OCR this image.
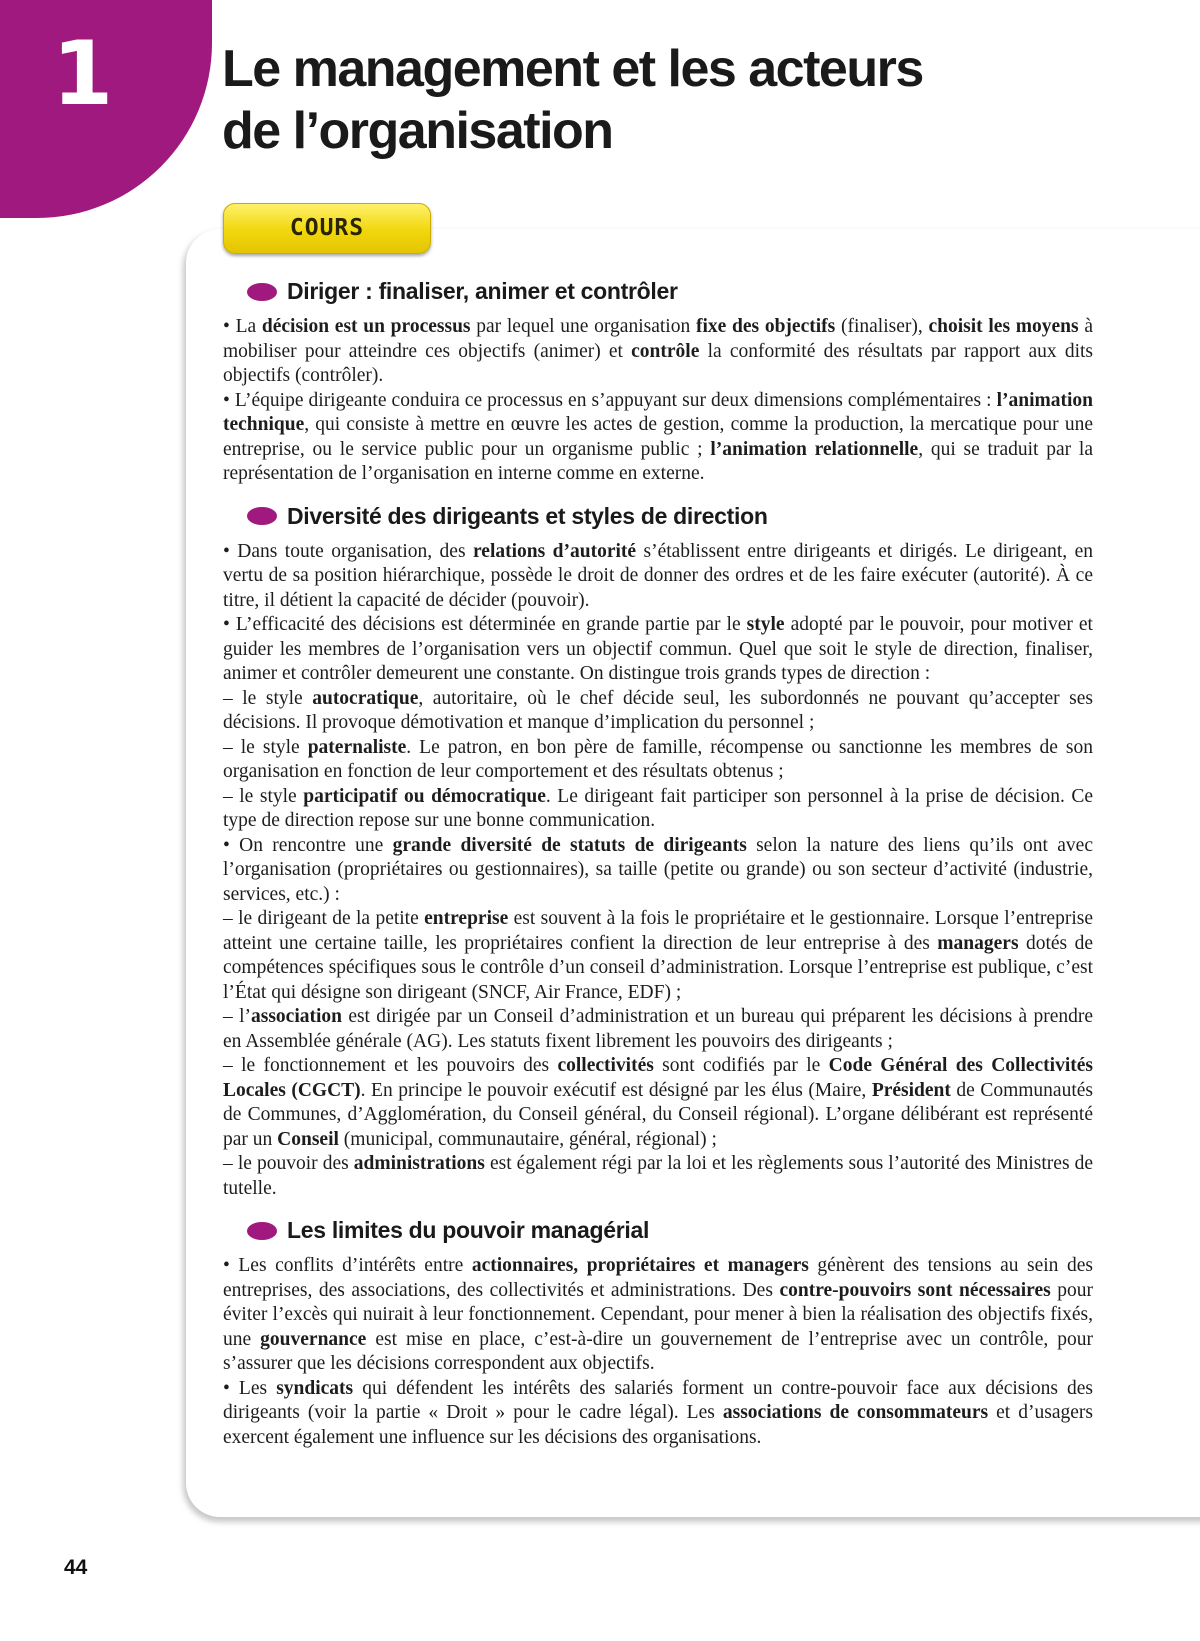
1 Le management et les acteurs
de l’organisation
COURS
Diriger : finaliser, animer et contrôler

• La décision est un processus par lequel une organisation fixe des objectifs (finaliser), choisit les moyens à mobiliser pour atteindre ces objectifs (animer) et contrôle la conformité des résultats par rapport aux dits objectifs (contrôler).

• L’équipe dirigeante conduira ce processus en s’appuyant sur deux dimensions complémentaires : l’animation technique, qui consiste à mettre en œuvre les actes de gestion, comme la production, la mercatique pour une entreprise, ou le service public pour un organisme public ; l’animation relationnelle, qui se traduit par la représentation de l’organisation en interne comme en externe.

Diversité des dirigeants et styles de direction

• Dans toute organisation, des relations d’autorité s’établissent entre dirigeants et dirigés. Le dirigeant, en vertu de sa position hiérarchique, possède le droit de donner des ordres et de les faire exécuter (autorité). À ce titre, il détient la capacité de décider (pouvoir).

• L’efficacité des décisions est déterminée en grande partie par le style adopté par le pouvoir, pour motiver et guider les membres de l’organisation vers un objectif commun. Quel que soit le style de direction, finaliser, animer et contrôler demeurent une constante. On distingue trois grands types de direction :

– le style autocratique, autoritaire, où le chef décide seul, les subordonnés ne pouvant qu’accepter ses décisions. Il provoque démotivation et manque d’implication du personnel ;

– le style paternaliste. Le patron, en bon père de famille, récompense ou sanctionne les membres de son organisation en fonction de leur comportement et des résultats obtenus ;

– le style participatif ou démocratique. Le dirigeant fait participer son personnel à la prise de décision. Ce type de direction repose sur une bonne communication.

• On rencontre une grande diversité de statuts de dirigeants selon la nature des liens qu’ils ont avec l’organisation (propriétaires ou gestionnaires), sa taille (petite ou grande) ou son secteur d’activité (industrie, services, etc.) :

– le dirigeant de la petite entreprise est souvent à la fois le propriétaire et le gestionnaire. Lorsque l’entreprise atteint une certaine taille, les propriétaires confient la direction de leur entreprise à des managers dotés de compétences spécifiques sous le contrôle d’un conseil d’administration. Lorsque l’entreprise est publique, c’est l’État qui désigne son dirigeant (SNCF, Air France, EDF) ;

– l’association est dirigée par un Conseil d’administration et un bureau qui préparent les décisions à prendre en Assemblée générale (AG). Les statuts fixent librement les pouvoirs des dirigeants ;

– le fonctionnement et les pouvoirs des collectivités sont codifiés par le Code Général des Collectivités Locales (CGCT). En principe le pouvoir exécutif est désigné par les élus (Maire, Président de Communautés de Communes, d’Agglomération, du Conseil général, du Conseil régional). L’organe délibérant est représenté par un Conseil (municipal, communautaire, général, régional) ;

– le pouvoir des administrations est également régi par la loi et les règlements sous l’autorité des Ministres de tutelle.

Les limites du pouvoir managérial

• Les conflits d’intérêts entre actionnaires, propriétaires et managers génèrent des tensions au sein des entreprises, des associations, des collectivités et administrations. Des contre-pouvoirs sont nécessaires pour éviter l’excès qui nuirait à leur fonctionnement. Cependant, pour mener à bien la réalisation des objectifs fixés, une gouvernance est mise en place, c’est-à-dire un gouvernement de l’entreprise avec un contrôle, pour s’assurer que les décisions correspondent aux objectifs.

• Les syndicats qui défendent les intérêts des salariés forment un contre-pouvoir face aux décisions des dirigeants (voir la partie « Droit » pour le cadre légal). Les associations de consommateurs et d’usagers exercent également une influence sur les décisions des organisations.

44
